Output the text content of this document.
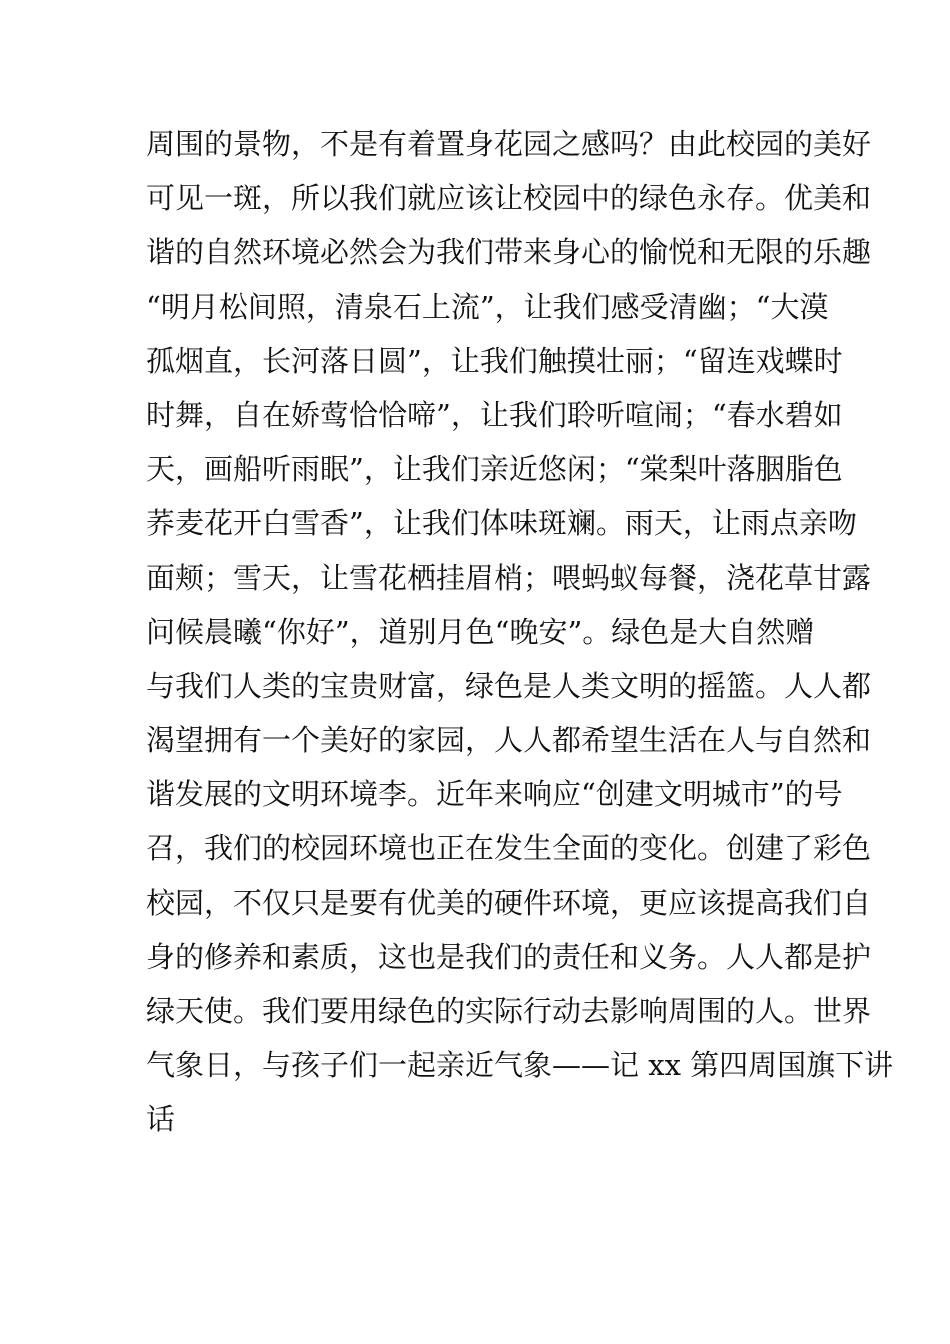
周围的景物，不是有着置身花园之感吗？由此校园的美好
可见一斑，所以我们就应该让校园中的绿色永存。优美和
谐的自然环境必然会为我们带来身心的愉悦和无限的乐趣
“明月松间照，清泉石上流”，让我们感受清幽；“大漠
孤烟直，长河落日圆”，让我们触摸壮丽；“留连戏蝶时
时舞，自在娇莺恰恰啼”，让我们聆听喧闹；“春水碧如
天，画船听雨眠”，让我们亲近悠闲；“棠梨叶落胭脂色
荞麦花开白雪香”，让我们体味斑斓。雨天，让雨点亲吻
面颊；雪天，让雪花栖挂眉梢；喂蚂蚁每餐，浇花草甘露
问候晨曦“你好”，道别月色“晚安”。绿色是大自然赠
与我们人类的宝贵财富，绿色是人类文明的摇篮。人人都
渴望拥有一个美好的家园，人人都希望生活在人与自然和
谐发展的文明环境李。近年来响应“创建文明城市”的号
召，我们的校园环境也正在发生全面的变化。创建了彩色
校园，不仅只是要有优美的硬件环境，更应该提高我们自
身的修养和素质，这也是我们的责任和义务。人人都是护
绿天使。我们要用绿色的实际行动去影响周围的人。世界
气象日，与孩子们一起亲近气象——记 xx 第四周国旗下讲
话
